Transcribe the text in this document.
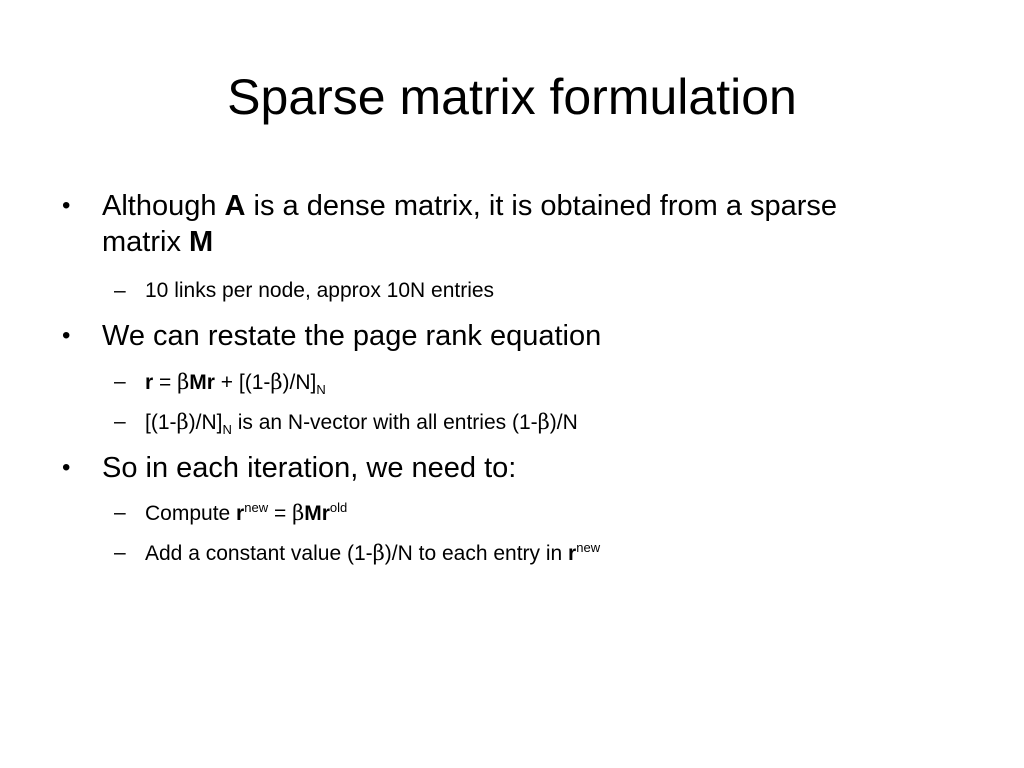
Sparse matrix formulation
• Although A is a dense matrix, it is obtained from a sparse
matrix M
– 10 links per node, approx 10N entries
• We can restate the page rank equation
– $r = \beta Mr + [(1-\beta)/N]_N$
– $[(1-\beta)/N]_N$ is an N-vector with all entries (1-β)/N
• So in each iteration, we need to:
– Compute $r^{new} = \beta Mr^{old}$
– Add a constant value (1-β)/N to each entry in $r^{new}$
